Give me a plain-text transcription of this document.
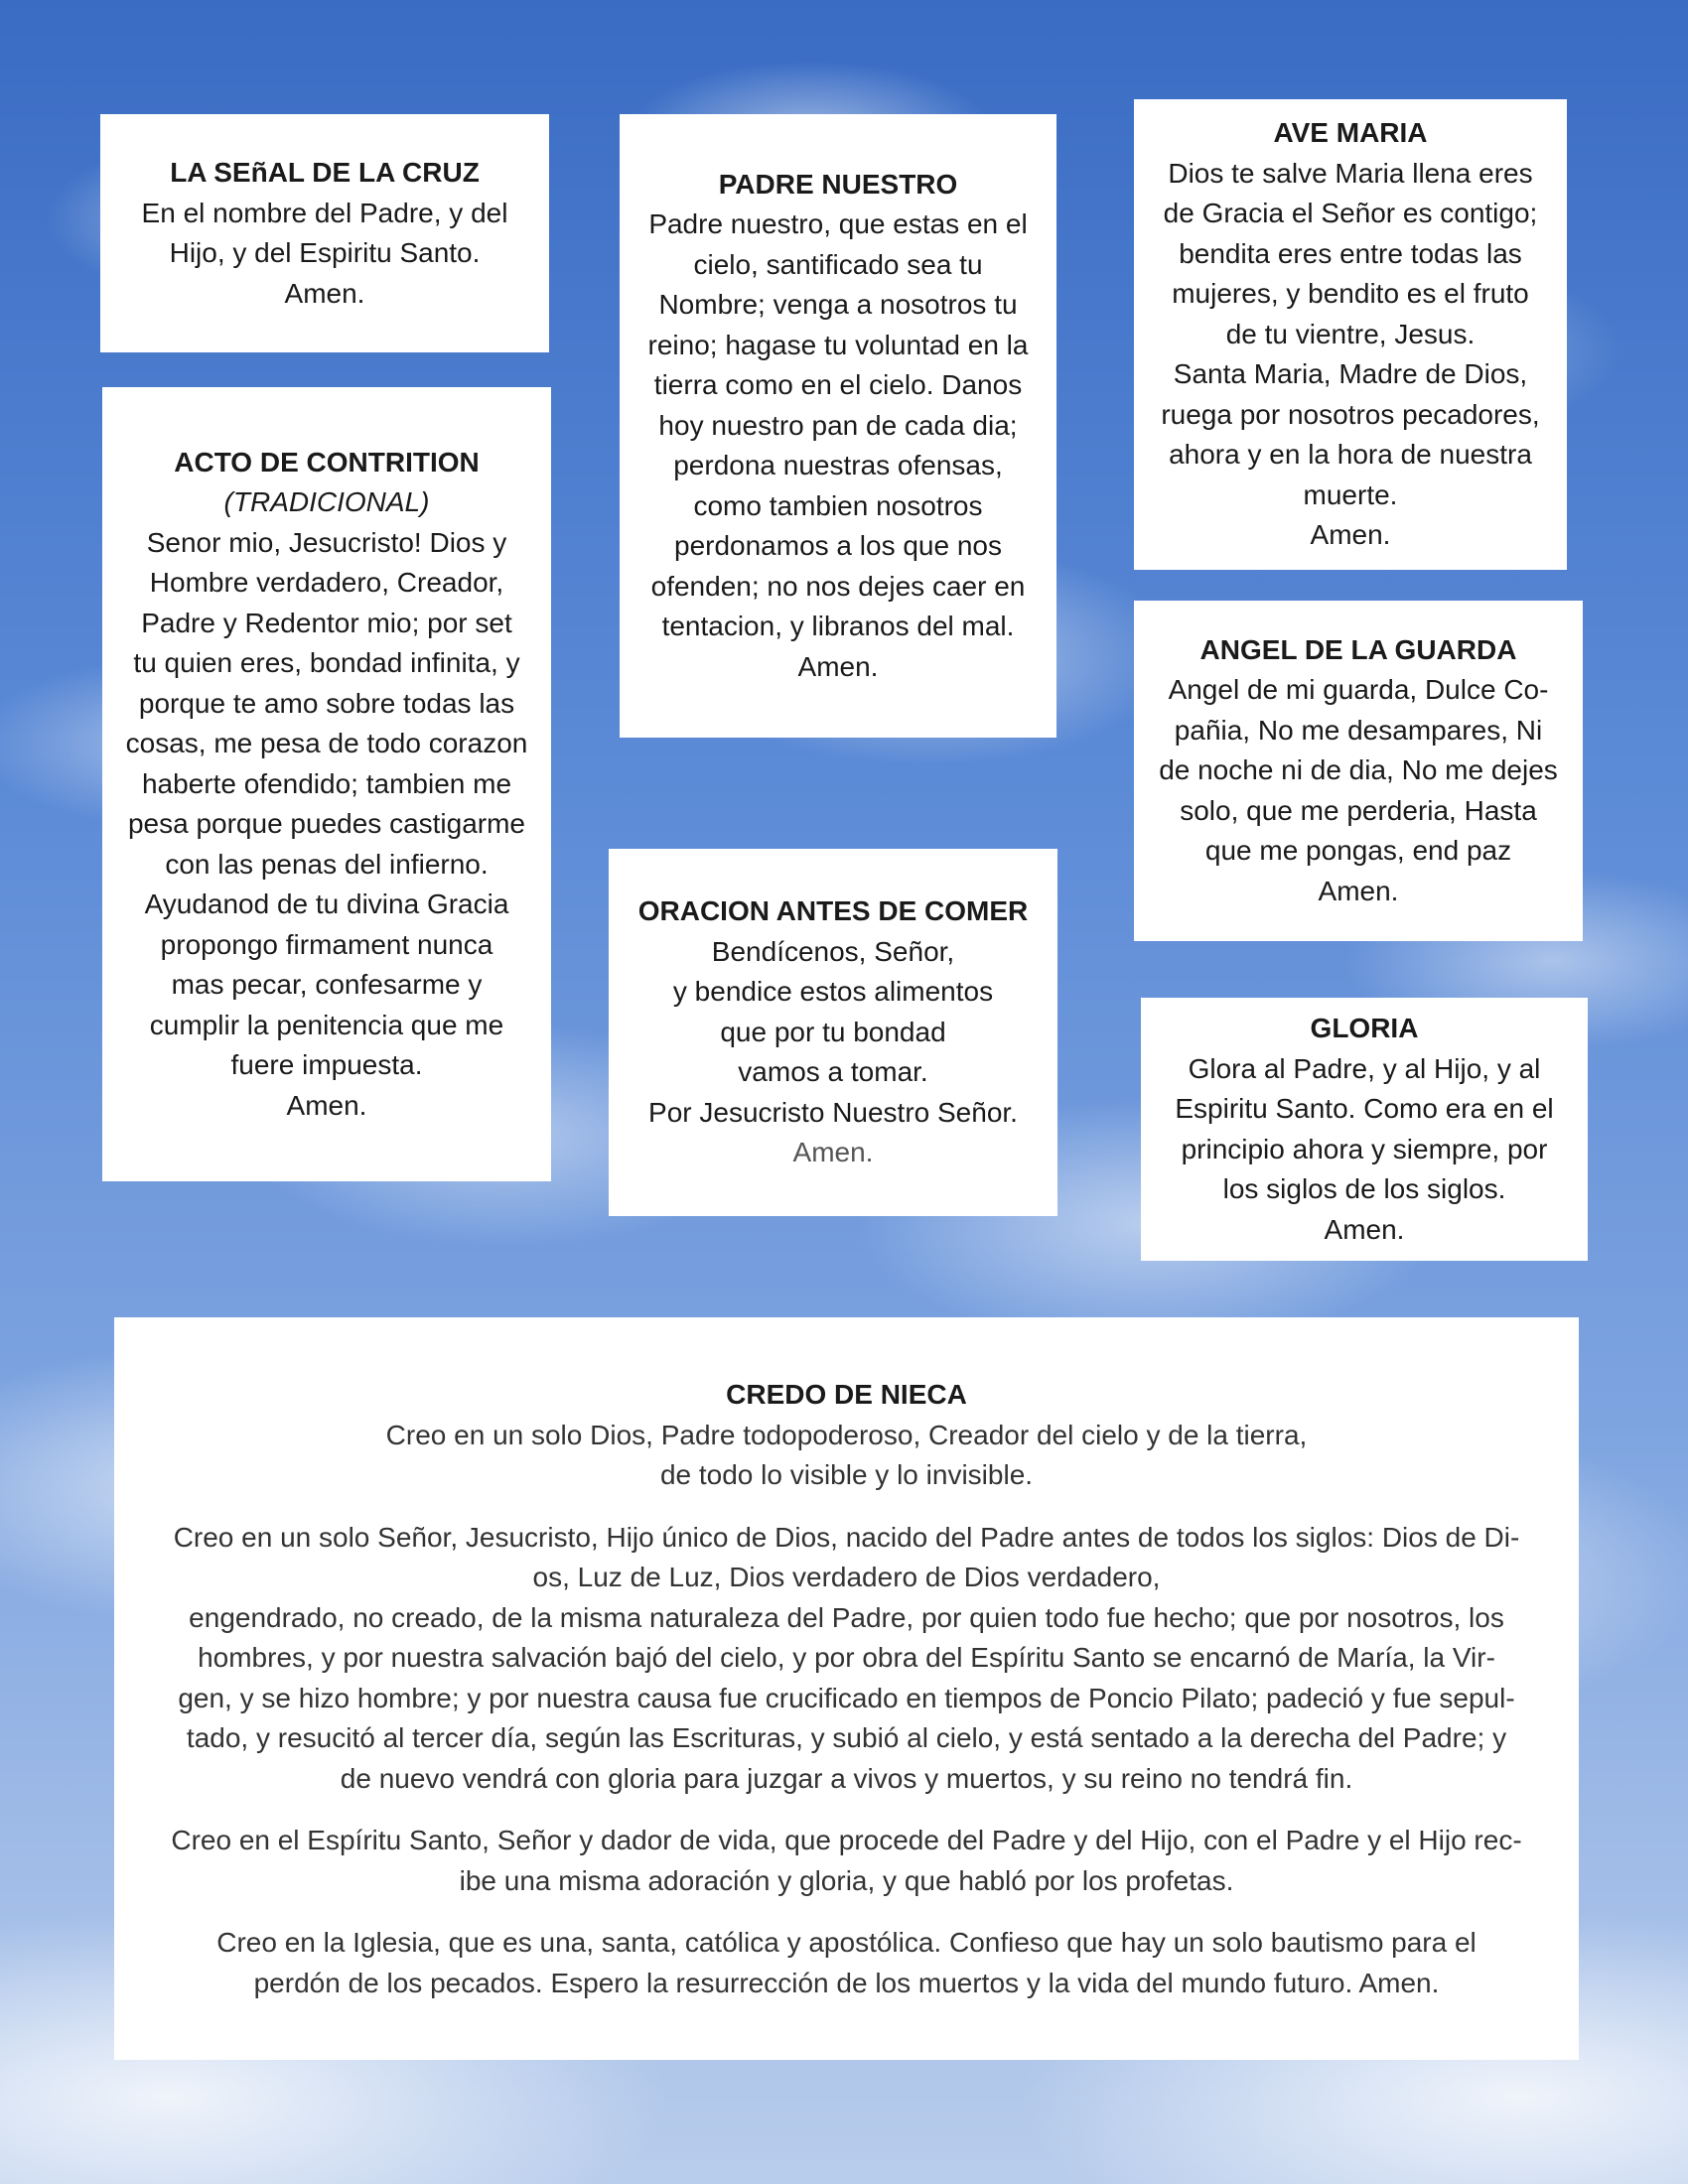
LA SEñAL DE LA CRUZ
En el nombre del Padre, y del
Hijo, y del Espiritu Santo.
Amen.
PADRE NUESTRO
Padre nuestro, que estas en el
cielo, santificado sea tu
Nombre; venga a nosotros tu
reino; hagase tu voluntad en la
tierra como en el cielo. Danos
hoy nuestro pan de cada dia;
perdona nuestras ofensas,
como tambien nosotros
perdonamos a los que nos
ofenden; no nos dejes caer en
tentacion, y libranos del mal.
Amen.
AVE MARIA
Dios te salve Maria llena eres
de Gracia el Señor es contigo;
bendita eres entre todas las
mujeres, y bendito es el fruto
de tu vientre, Jesus.
Santa Maria, Madre de Dios,
ruega por nosotros pecadores,
ahora y en la hora de nuestra
muerte.
Amen.
ACTO DE CONTRITION
(TRADICIONAL)
Senor mio, Jesucristo! Dios y
Hombre verdadero, Creador,
Padre y Redentor mio; por set
tu quien eres, bondad infinita, y
porque te amo sobre todas las
cosas, me pesa de todo corazon
haberte ofendido; tambien me
pesa porque puedes castigarme
con las penas del infierno.
Ayudanod de tu divina Gracia
propongo firmament nunca
mas pecar, confesarme y
cumplir la penitencia que me
fuere impuesta.
Amen.
ANGEL DE LA GUARDA
Angel de mi guarda, Dulce Co-
pañia, No me desampares, Ni
de noche ni de dia, No me dejes
solo, que me perderia, Hasta
que me pongas, end paz
Amen.
ORACION ANTES DE COMER
Bendícenos, Señor,
y bendice estos alimentos
que por tu bondad
vamos a tomar.
Por Jesucristo Nuestro Señor.
Amen.
GLORIA
Glora al Padre, y al Hijo, y al
Espiritu Santo. Como era en el
principio ahora y siempre, por
los siglos de los siglos.
Amen.
CREDO DE NIECA
Creo en un solo Dios, Padre todopoderoso, Creador del cielo y de la tierra,
de todo lo visible y lo invisible.
Creo en un solo Señor, Jesucristo, Hijo único de Dios, nacido del Padre antes de todos los siglos: Dios de Di-
os, Luz de Luz, Dios verdadero de Dios verdadero,
engendrado, no creado, de la misma naturaleza del Padre, por quien todo fue hecho; que por nosotros, los
hombres, y por nuestra salvación bajó del cielo, y por obra del Espíritu Santo se encarnó de María, la Vir-
gen, y se hizo hombre; y por nuestra causa fue crucificado en tiempos de Poncio Pilato; padeció y fue sepul-
tado, y resucitó al tercer día, según las Escrituras, y subió al cielo, y está sentado a la derecha del Padre; y
de nuevo vendrá con gloria para juzgar a vivos y muertos, y su reino no tendrá fin.
Creo en el Espíritu Santo, Señor y dador de vida, que procede del Padre y del Hijo, con el Padre y el Hijo rec-
ibe una misma adoración y gloria, y que habló por los profetas.
Creo en la Iglesia, que es una, santa, católica y apostólica. Confieso que hay un solo bautismo para el
perdón de los pecados. Espero la resurrección de los muertos y la vida del mundo futuro. Amen.
